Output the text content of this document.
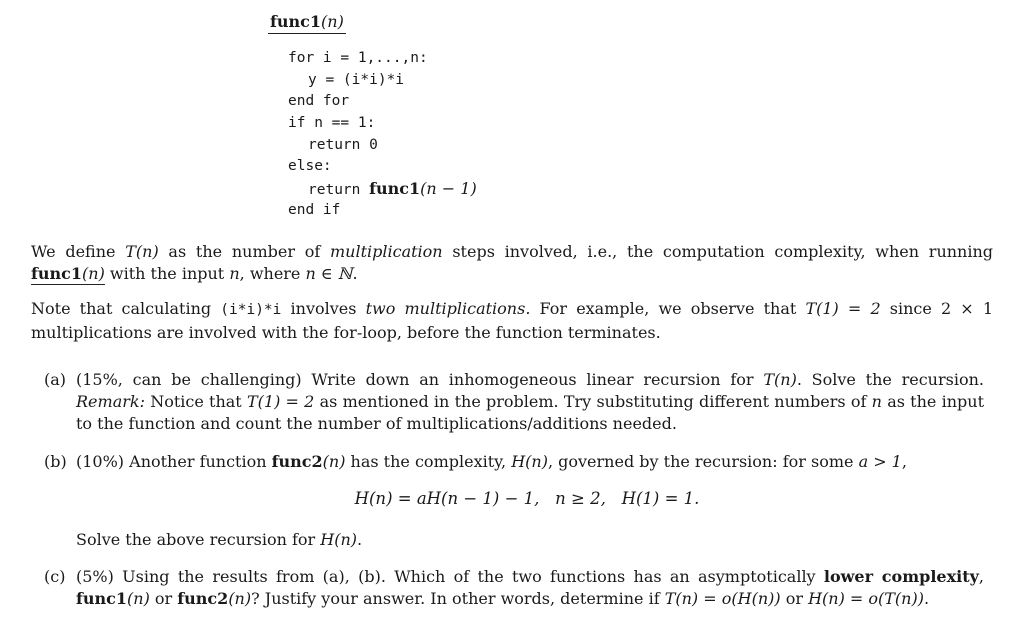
func1(n)
for i = 1,...,n:
y = (i*i)*i
end for
if n == 1:
return 0
else:
return func1(n − 1)
end if
We define T(n) as the number of multiplication steps involved, i.e., the computation complexity, when running func1(n) with the input n, where n ∈ ℕ.
Note that calculating (i*i)*i involves two multiplications. For example, we observe that T(1) = 2 since 2 × 1 multiplications are involved with the for-loop, before the function terminates.
(a) (15%, can be challenging) Write down an inhomogeneous linear recursion for T(n). Solve the recursion. Remark: Notice that T(1) = 2 as mentioned in the problem. Try substituting different numbers of n as the input to the function and count the number of multiplications/additions needed.
(b) (10%) Another function func2(n) has the complexity, H(n), governed by the recursion: for some a > 1,
H(n) = aH(n − 1) − 1,   n ≥ 2,   H(1) = 1.
Solve the above recursion for H(n).
(c) (5%) Using the results from (a), (b). Which of the two functions has an asymptotically lower complexity, func1(n) or func2(n)? Justify your answer. In other words, determine if T(n) = o(H(n)) or H(n) = o(T(n)).
